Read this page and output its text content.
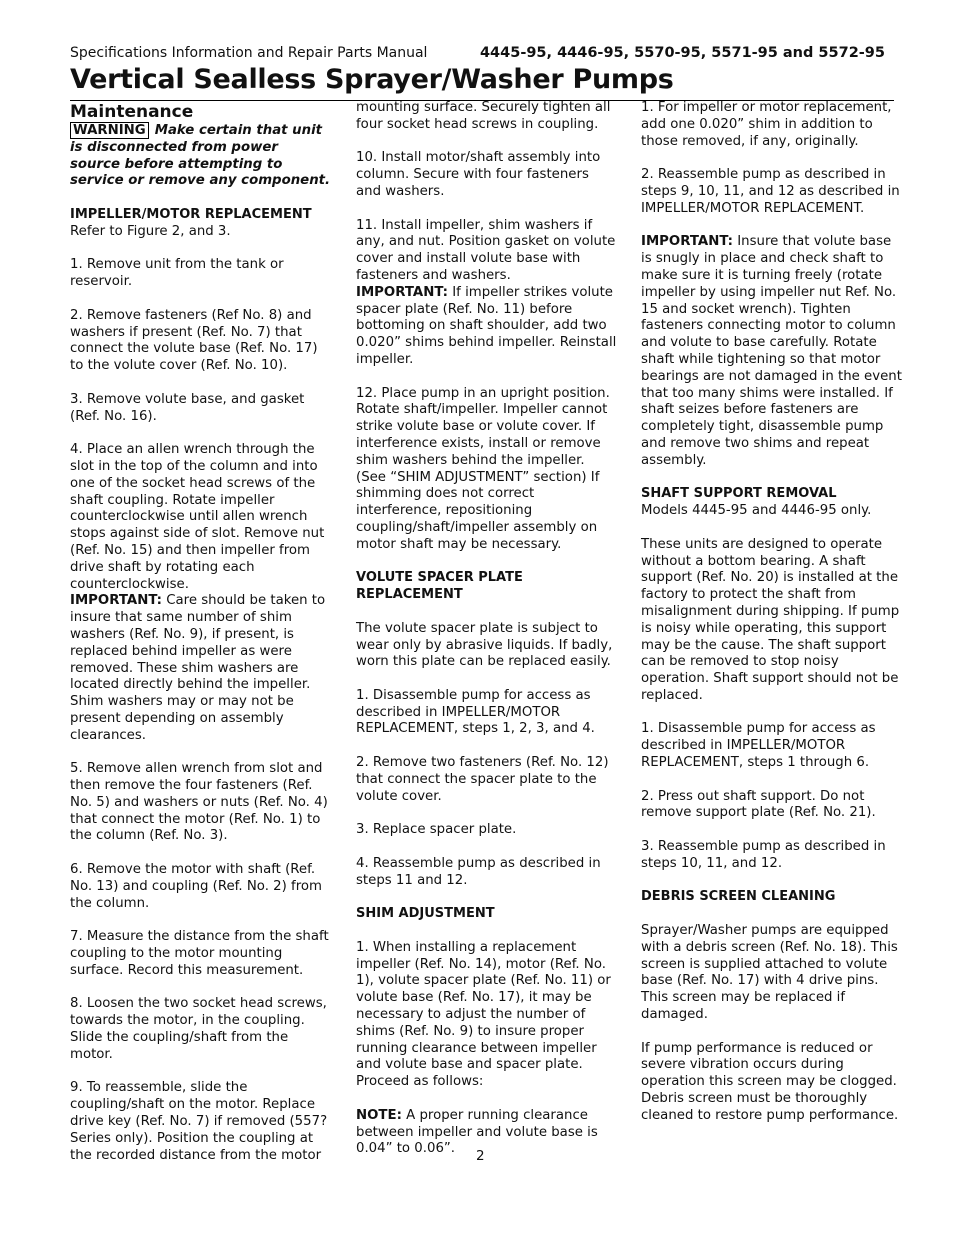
Specifications Information and Repair Parts Manual	4445-95, 4446-95, 5570-95, 5571-95 and 5572-95
Vertical Sealless Sprayer/Washer Pumps
Maintenance

WARNING Make certain that unit is disconnected from power source before attempting to service or remove any component.

IMPELLER/MOTOR REPLACEMENT

Refer to Figure 2, and 3.

1. Remove unit from the tank or reservoir.

2. Remove fasteners (Ref No. 8) and washers if present (Ref. No. 7) that connect the volute base (Ref. No. 17) to the volute cover (Ref. No. 10).

3. Remove volute base, and gasket (Ref. No. 16).

4. Place an allen wrench through the slot in the top of the column and into one of the socket head screws of the shaft coupling. Rotate impeller counterclockwise until allen wrench stops against side of slot. Remove nut (Ref. No. 15) and then impeller from drive shaft by rotating each counterclockwise.

IMPORTANT: Care should be taken to insure that same number of shim washers (Ref. No. 9), if present, is replaced behind impeller as were removed. These shim washers are located directly behind the impeller. Shim washers may or may not be present depending on assembly clearances.

5. Remove allen wrench from slot and then remove the four fasteners (Ref. No. 5) and washers or nuts (Ref. No. 4) that connect the motor (Ref. No. 1) to the column (Ref. No. 3).

6. Remove the motor with shaft (Ref. No. 13) and coupling (Ref. No. 2) from the column.

7. Measure the distance from the shaft coupling to the motor mounting surface. Record this measurement.

8. Loosen the two socket head screws, towards the motor, in the coupling. Slide the coupling/shaft from the motor.

9. To reassemble, slide the coupling/shaft on the motor. Replace drive key (Ref. No. 7) if removed (557? Series only). Position the coupling at the recorded distance from the motor

mounting surface. Securely tighten all four socket head screws in coupling.

10. Install motor/shaft assembly into column. Secure with four fasteners and washers.

11. Install impeller, shim washers if any, and nut. Position gasket on volute cover and install volute base with fasteners and washers.

IMPORTANT: If impeller strikes volute spacer plate (Ref. No. 11) before bottoming on shaft shoulder, add two 0.020” shims behind impeller. Reinstall impeller.

12. Place pump in an upright position. Rotate shaft/impeller. Impeller cannot strike volute base or volute cover. If interference exists, install or remove shim washers behind the impeller. (See “SHIM ADJUSTMENT” section) If shimming does not correct interference, repositioning coupling/shaft/impeller assembly on motor shaft may be necessary.

VOLUTE SPACER PLATE REPLACEMENT

The volute spacer plate is subject to wear only by abrasive liquids. If badly, worn this plate can be replaced easily.

1. Disassemble pump for access as described in IMPELLER/MOTOR REPLACEMENT, steps 1, 2, 3, and 4.

2. Remove two fasteners (Ref. No. 12) that connect the spacer plate to the volute cover.

3. Replace spacer plate.

4. Reassemble pump as described in steps 11 and 12.

SHIM ADJUSTMENT

1. When installing a replacement impeller (Ref. No. 14), motor (Ref. No. 1), volute spacer plate (Ref. No. 11) or volute base (Ref. No. 17), it may be necessary to adjust the number of shims (Ref. No. 9) to insure proper running clearance between impeller and volute base and spacer plate. Proceed as follows:

NOTE: A proper running clearance between impeller and volute base is 0.04” to 0.06”.

1. For impeller or motor replacement, add one 0.020” shim in addition to those removed, if any, originally.

2. Reassemble pump as described in steps 9, 10, 11, and 12 as described in IMPELLER/MOTOR REPLACEMENT.

IMPORTANT: Insure that volute base is snugly in place and check shaft to make sure it is turning freely (rotate impeller by using impeller nut Ref. No. 15 and socket wrench). Tighten fasteners connecting motor to column and volute to base carefully. Rotate shaft while tightening so that motor bearings are not damaged in the event that too many shims were installed. If shaft seizes before fasteners are completely tight, disassemble pump and remove two shims and repeat assembly.

SHAFT SUPPORT REMOVAL

Models 4445-95 and 4446-95 only.

These units are designed to operate without a bottom bearing. A shaft support (Ref. No. 20) is installed at the factory to protect the shaft from misalignment during shipping. If pump is noisy while operating, this support may be the cause. The shaft support can be removed to stop noisy operation. Shaft support should not be replaced.

1. Disassemble pump for access as described in IMPELLER/MOTOR REPLACEMENT, steps 1 through 6.

2. Press out shaft support. Do not remove support plate (Ref. No. 21).

3. Reassemble pump as described in steps 10, 11, and 12.

DEBRIS SCREEN CLEANING

Sprayer/Washer pumps are equipped with a debris screen (Ref. No. 18). This screen is supplied attached to volute base (Ref. No. 17) with 4 drive pins. This screen may be replaced if damaged.

If pump performance is reduced or severe vibration occurs during operation this screen may be clogged. Debris screen must be thoroughly cleaned to restore pump performance.

2
